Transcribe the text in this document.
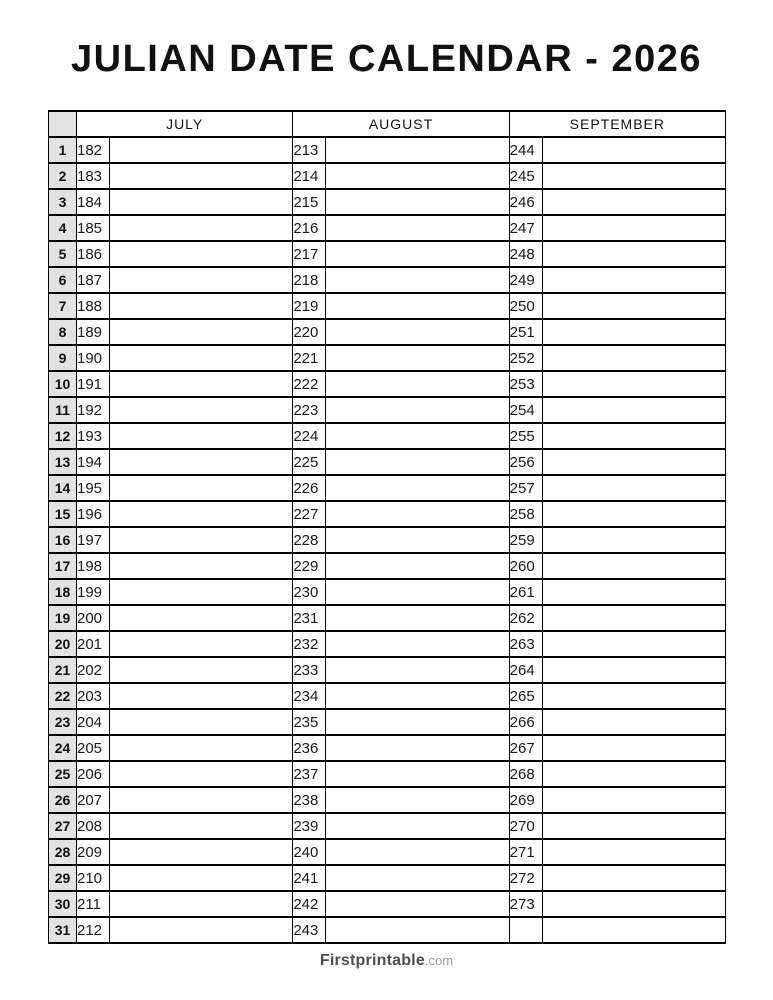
JULIAN DATE CALENDAR - 2026
	JULY		AUGUST		SEPTEMBER	
1	182		213		244	
2	183		214		245	
3	184		215		246	
4	185		216		247	
5	186		217		248	
6	187		218		249	
7	188		219		250	
8	189		220		251	
9	190		221		252	
10	191		222		253	
11	192		223		254	
12	193		224		255	
13	194		225		256	
14	195		226		257	
15	196		227		258	
16	197		228		259	
17	198		229		260	
18	199		230		261	
19	200		231		262	
20	201		232		263	
21	202		233		264	
22	203		234		265	
23	204		235		266	
24	205		236		267	
25	206		237		268	
26	207		238		269	
27	208		239		270	
28	209		240		271	
29	210		241		272	
30	211		242		273	
31	212		243			
Firstprintable.com
